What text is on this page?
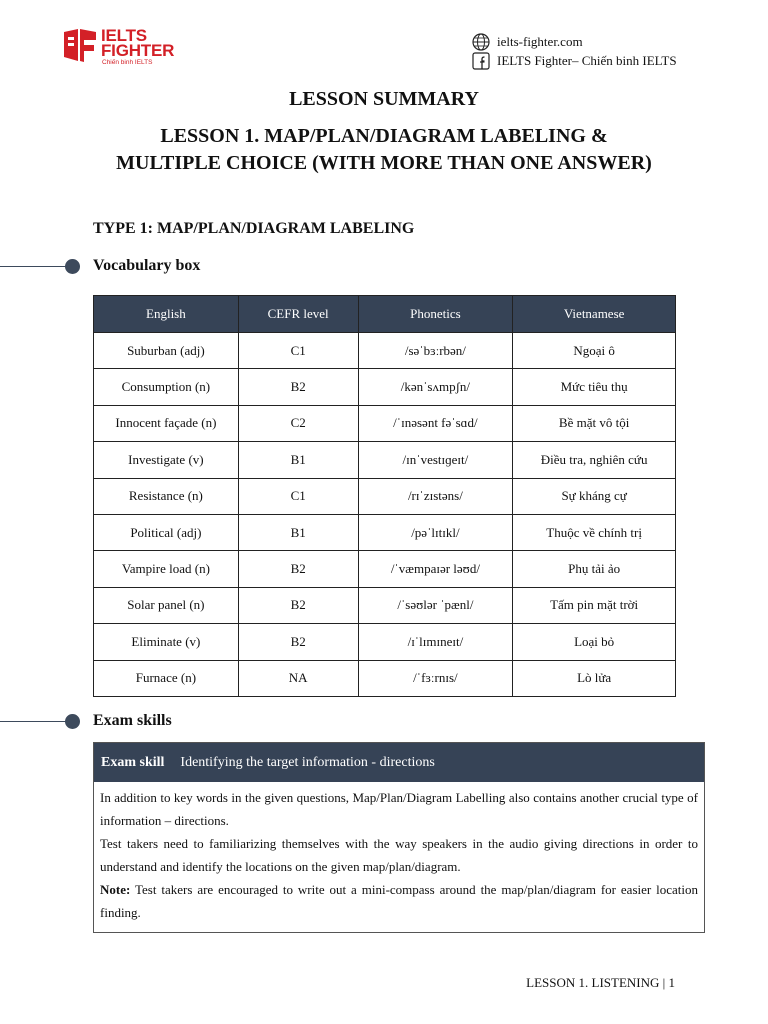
IELTS
FIGHTER
Chiến binh IELTS
ielts-fighter.com
IELTS Fighter– Chiến binh IELTS
LESSON SUMMARY
LESSON 1. MAP/PLAN/DIAGRAM LABELING & MULTIPLE CHOICE (WITH MORE THAN ONE ANSWER)
TYPE 1: MAP/PLAN/DIAGRAM LABELING
Vocabulary box
English	CEFR level	Phonetics	Vietnamese
Suburban (adj)	C1	/səˈbɜːrbən/	Ngoại ô
Consumption (n)	B2	/kənˈsʌmpʃn/	Mức tiêu thụ
Innocent façade (n)	C2	/ˈɪnəsənt fəˈsɑd/	Bề mặt vô tội
Investigate (v)	B1	/ɪnˈvestɪɡeɪt/	Điều tra, nghiên cứu
Resistance (n)	C1	/rɪˈzɪstəns/	Sự kháng cự
Political (adj)	B1	/pəˈlɪtɪkl/	Thuộc về chính trị
Vampire load (n)	B2	/ˈvæmpaɪər ləʊd/	Phụ tải ảo
Solar panel (n)	B2	/ˈsəʊlər ˈpænl/	Tấm pin mặt trời
Eliminate (v)	B2	/ɪˈlɪmɪneɪt/	Loại bỏ
Furnace (n)	NA	/ˈfɜːrnɪs/	Lò lửa
Exam skills
Exam skill Identifying the target information - directions

In addition to key words in the given questions, Map/Plan/Diagram Labelling also contains another crucial type of information – directions.

Test takers need to familiarizing themselves with the way speakers in the audio giving directions in order to understand and identify the locations on the given map/plan/diagram.

Note: Test takers are encouraged to write out a mini-compass around the map/plan/diagram for easier location finding.

LESSON 1. LISTENING | 1
